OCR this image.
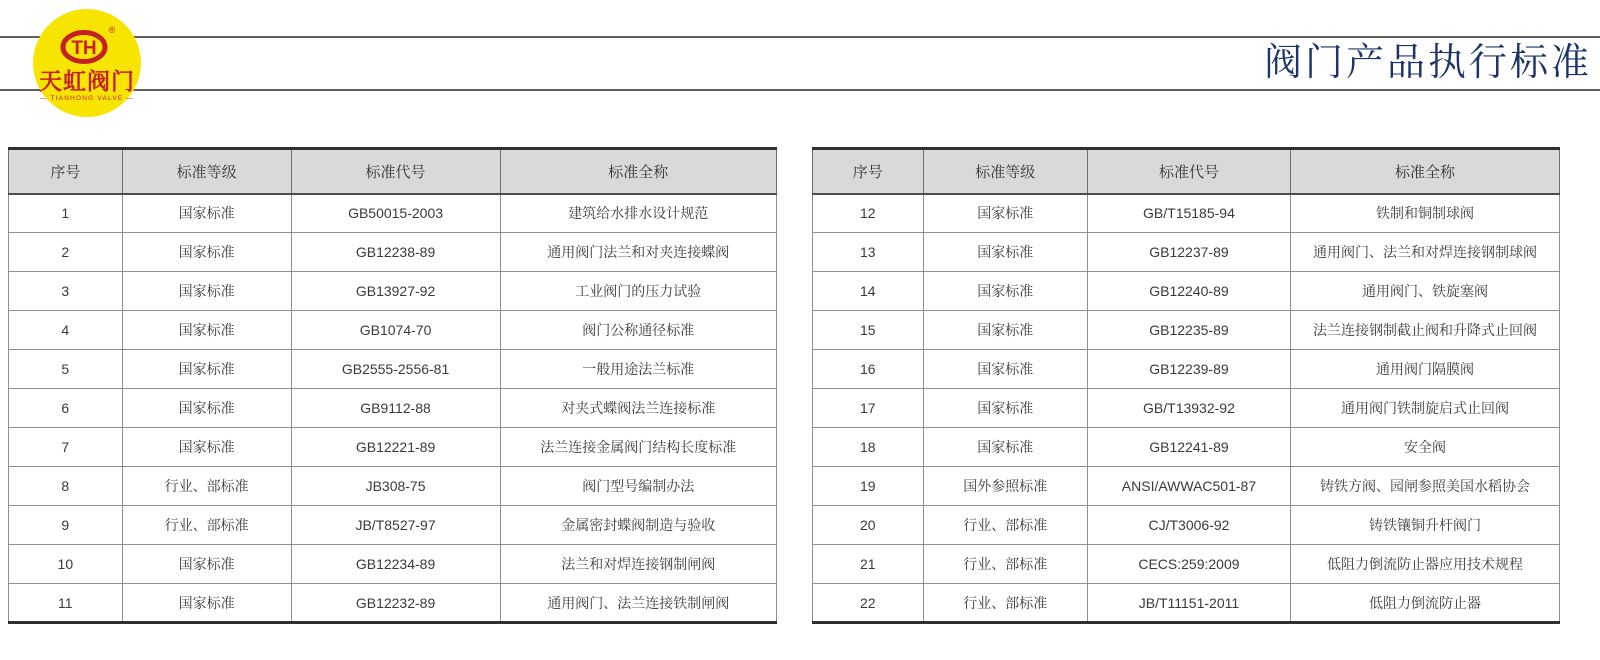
TH
®
天虹阀门
— TIANHONG VALVE —
阀门产品执行标准
序号	标准等级	标准代号	标准全称
1	国家标准	GB50015-2003	建筑给水排水设计规范
2	国家标准	GB12238-89	通用阀门法兰和对夹连接蝶阀
3	国家标准	GB13927-92	工业阀门的压力试验
4	国家标准	GB1074-70	阀门公称通径标准
5	国家标准	GB2555-2556-81	一般用途法兰标准
6	国家标准	GB9112-88	对夹式蝶阀法兰连接标准
7	国家标准	GB12221-89	法兰连接金属阀门结构长度标准
8	行业、部标准	JB308-75	阀门型号编制办法
9	行业、部标准	JB/T8527-97	金属密封蝶阀制造与验收
10	国家标准	GB12234-89	法兰和对焊连接钢制闸阀
11	国家标准	GB12232-89	通用阀门、法兰连接铁制闸阀
序号	标准等级	标准代号	标准全称
12	国家标准	GB/T15185-94	铁制和铜制球阀
13	国家标准	GB12237-89	通用阀门、法兰和对焊连接钢制球阀
14	国家标准	GB12240-89	通用阀门、铁旋塞阀
15	国家标准	GB12235-89	法兰连接钢制截止阀和升降式止回阀
16	国家标准	GB12239-89	通用阀门隔膜阀
17	国家标准	GB/T13932-92	通用阀门铁制旋启式止回阀
18	国家标准	GB12241-89	安全阀
19	国外参照标准	ANSI/AWWAC501-87	铸铁方阀、园闸参照美国水稻协会
20	行业、部标准	CJ/T3006-92	铸铁镶铜升杆阀门
21	行业、部标准	CECS:259:2009	低阻力倒流防止器应用技术规程
22	行业、部标准	JB/T11151-2011	低阻力倒流防止器
